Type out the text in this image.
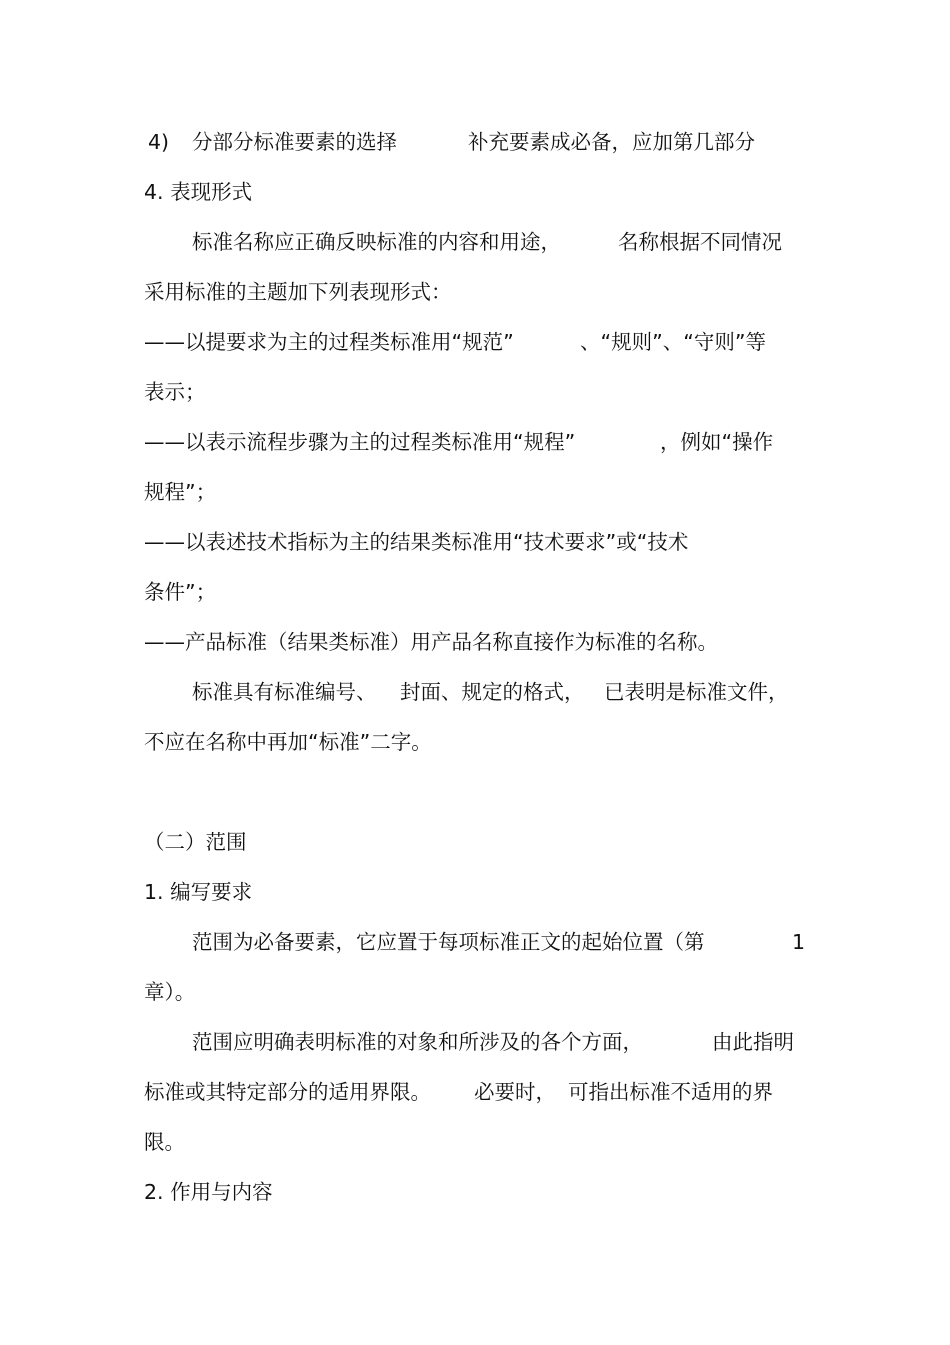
4) 分部分标准要素的选择	补充要素成必备，应加第几部分
4. 表现形式
标准名称应正确反映标准的内容和用途，	名称根据不同情况
采用标准的主题加下列表现形式：
——以提要求为主的过程类标准用“规范”	、“规则”、“守则”等
表示；
——以表示流程步骤为主的过程类标准用“规程”	，例如“操作
规程”；
——以表述技术指标为主的结果类标准用“技术要求”或“技术
条件”；
——产品标准（结果类标准）用产品名称直接作为标准的名称。
标准具有标准编号、 封面、规定的格式， 已表明是标准文件，
不应在名称中再加“标准”二字。
（二）范围
1. 编写要求
范围为必备要素，它应置于每项标准正文的起始位置（第	1
章）。
范围应明确表明标准的对象和所涉及的各个方面，	由此指明
标准或其特定部分的适用界限。 必要时， 可指出标准不适用的界
限。
2. 作用与内容
